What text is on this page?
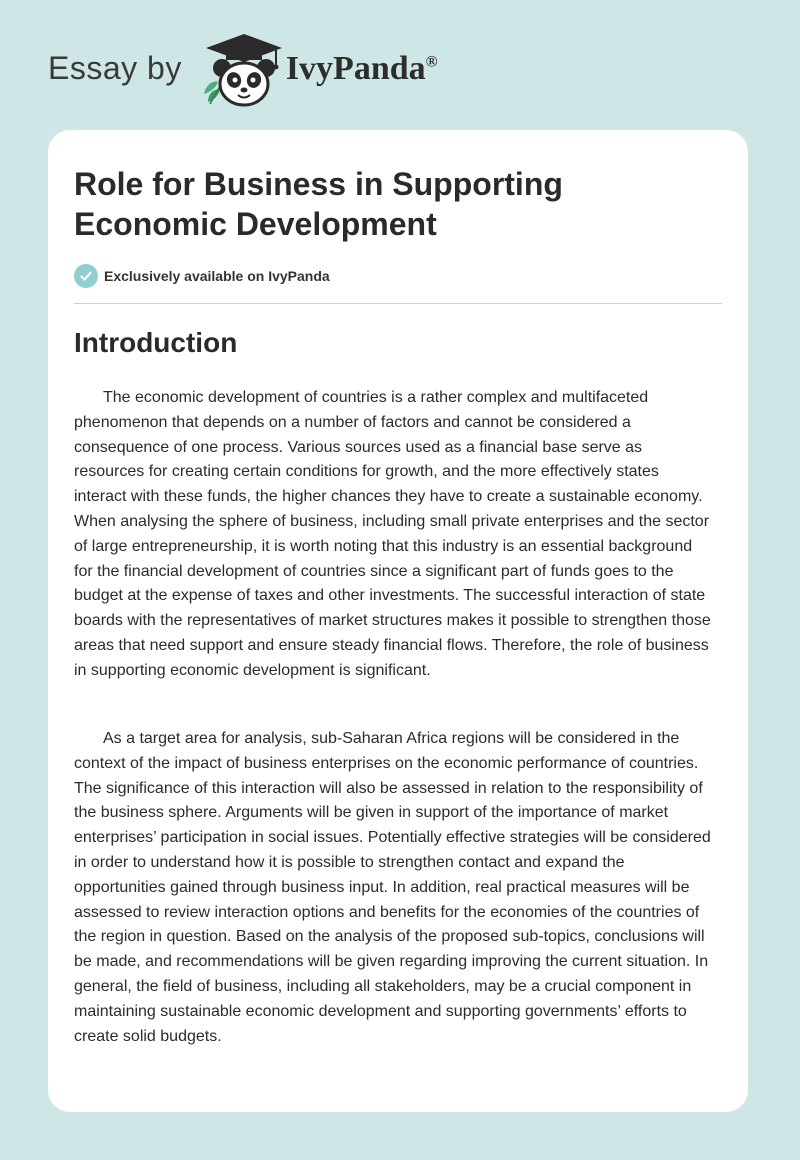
Essay by	IvyPanda®
Role for Business in Supporting Economic Development
Exclusively available on IvyPanda
Introduction

The economic development of countries is a rather complex and multifaceted phenomenon that depends on a number of factors and cannot be considered a consequence of one process. Various sources used as a financial base serve as resources for creating certain conditions for growth, and the more effectively states interact with these funds, the higher chances they have to create a sustainable economy. When analysing the sphere of business, including small private enterprises and the sector of large entrepreneurship, it is worth noting that this industry is an essential background for the financial development of countries since a significant part of funds goes to the budget at the expense of taxes and other investments. The successful interaction of state boards with the representatives of market structures makes it possible to strengthen those areas that need support and ensure steady financial flows. Therefore, the role of business in supporting economic development is significant.

As a target area for analysis, sub-Saharan Africa regions will be considered in the context of the impact of business enterprises on the economic performance of countries. The significance of this interaction will also be assessed in relation to the responsibility of the business sphere. Arguments will be given in support of the importance of market enterprises’ participation in social issues. Potentially effective strategies will be considered in order to understand how it is possible to strengthen contact and expand the opportunities gained through business input. In addition, real practical measures will be assessed to review interaction options and benefits for the economies of the countries of the region in question. Based on the analysis of the proposed sub-topics, conclusions will be made, and recommendations will be given regarding improving the current situation. In general, the field of business, including all stakeholders, may be a crucial component in maintaining sustainable economic development and supporting governments’ efforts to create solid budgets.
